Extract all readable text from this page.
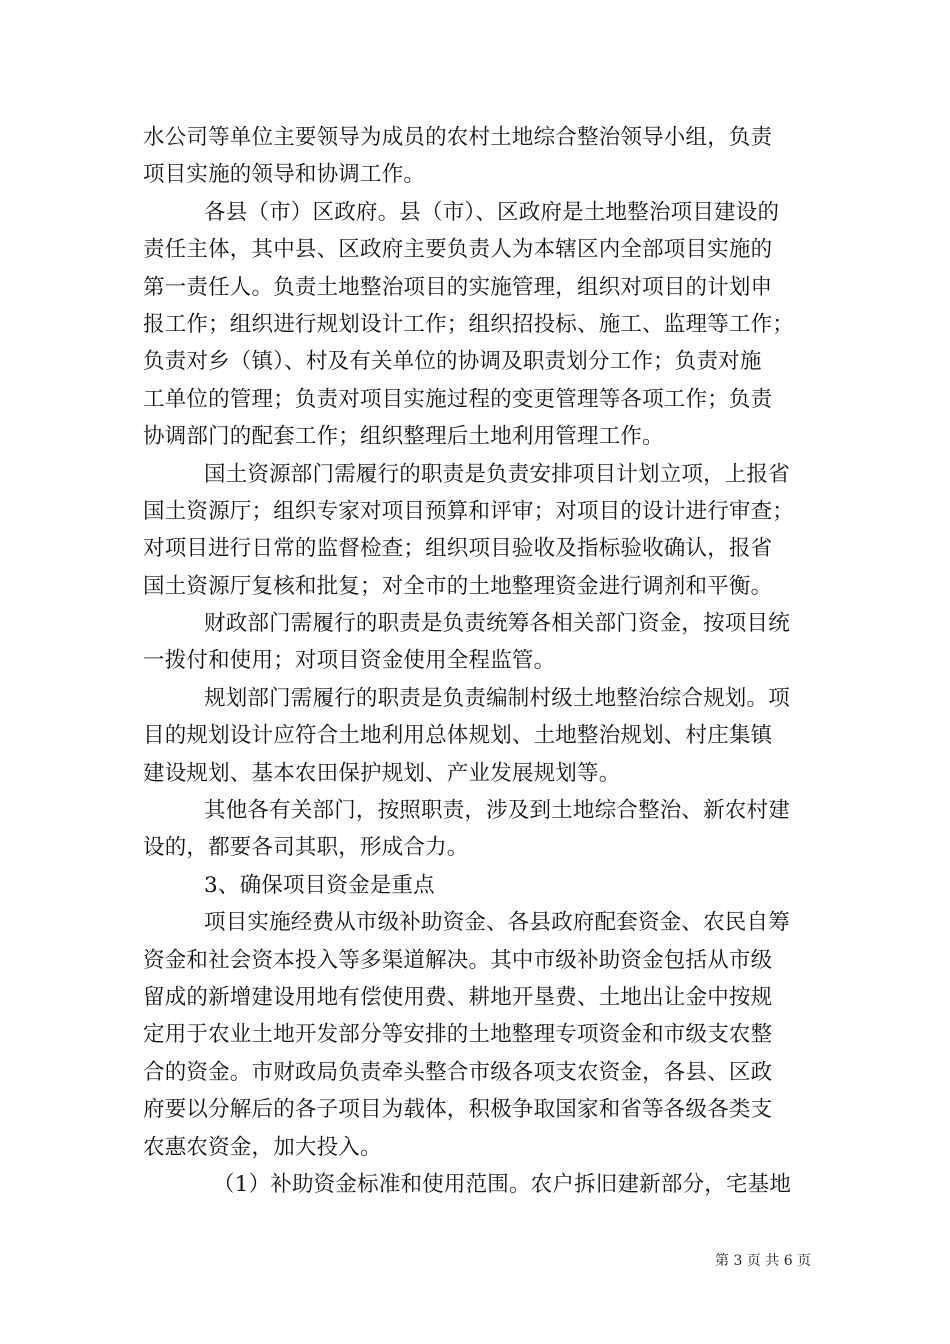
水公司等单位主要领导为成员的农村土地综合整治领导小组，负责
项目实施的领导和协调工作。
各县（市）区政府。县（市）、区政府是土地整治项目建设的
责任主体，其中县、区政府主要负责人为本辖区内全部项目实施的
第一责任人。负责土地整治项目的实施管理，组织对项目的计划申
报工作；组织进行规划设计工作；组织招投标、施工、监理等工作；
负责对乡（镇）、村及有关单位的协调及职责划分工作；负责对施
工单位的管理；负责对项目实施过程的变更管理等各项工作；负责
协调部门的配套工作；组织整理后土地利用管理工作。
国土资源部门需履行的职责是负责安排项目计划立项，上报省
国土资源厅；组织专家对项目预算和评审；对项目的设计进行审查；
对项目进行日常的监督检查；组织项目验收及指标验收确认，报省
国土资源厅复核和批复；对全市的土地整理资金进行调剂和平衡。
财政部门需履行的职责是负责统筹各相关部门资金，按项目统
一拨付和使用；对项目资金使用全程监管。
规划部门需履行的职责是负责编制村级土地整治综合规划。项
目的规划设计应符合土地利用总体规划、土地整治规划、村庄集镇
建设规划、基本农田保护规划、产业发展规划等。
其他各有关部门，按照职责，涉及到土地综合整治、新农村建
设的，都要各司其职，形成合力。
3、确保项目资金是重点
项目实施经费从市级补助资金、各县政府配套资金、农民自筹
资金和社会资本投入等多渠道解决。其中市级补助资金包括从市级
留成的新增建设用地有偿使用费、耕地开垦费、土地出让金中按规
定用于农业土地开发部分等安排的土地整理专项资金和市级支农整
合的资金。市财政局负责牵头整合市级各项支农资金，各县、区政
府要以分解后的各子项目为载体，积极争取国家和省等各级各类支
农惠农资金，加大投入。
（1）补助资金标准和使用范围。农户拆旧建新部分，宅基地
第 3 页 共 6 页
